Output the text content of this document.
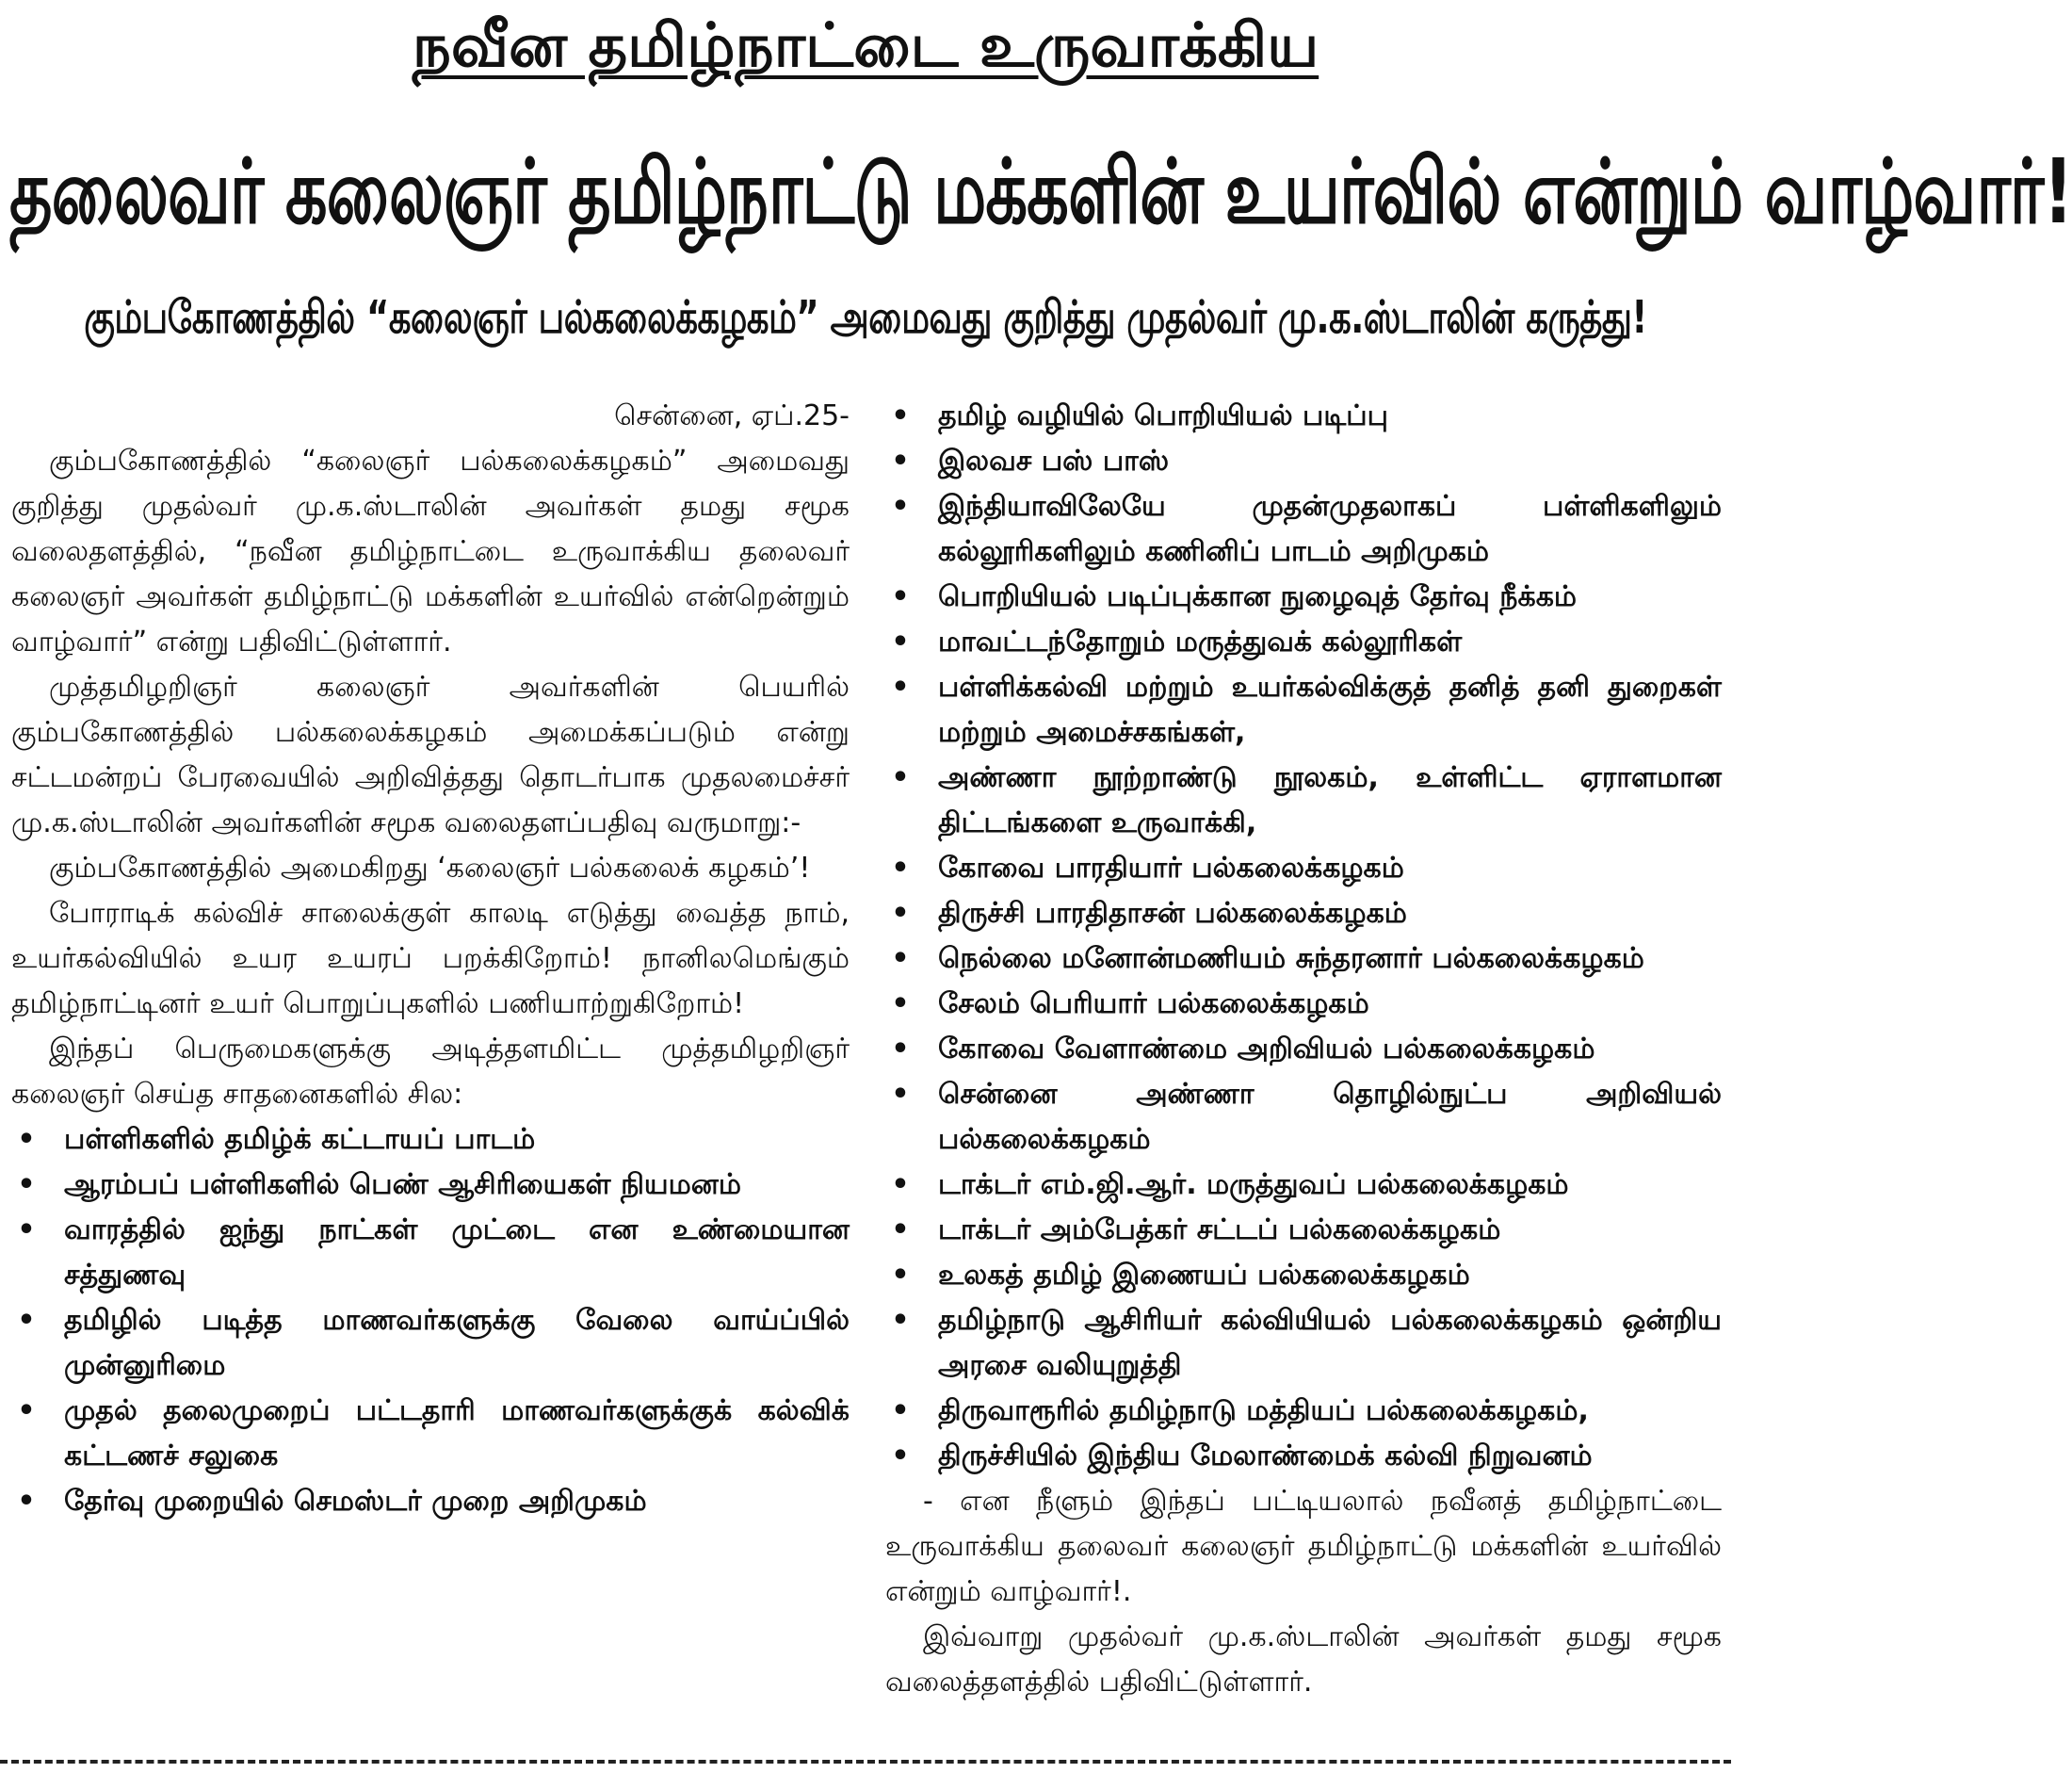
நவீன தமிழ்நாட்டை உருவாக்கிய
தலைவர் கலைஞர் தமிழ்நாட்டு மக்களின் உயர்வில் என்றும் வாழ்வார்!
கும்பகோணத்தில் “கலைஞர் பல்கலைக்கழகம்” அமைவது குறித்து முதல்வர் மு.க.ஸ்டாலின் கருத்து!

சென்னை, ஏப்.25-

கும்பகோணத்தில் “கலைஞர் பல்கலைக்கழகம்” அமைவது குறித்து முதல்வர் மு.க.ஸ்டாலின் அவர்கள் தமது சமூக வலைதளத்தில், “நவீன தமிழ்நாட்டை உருவாக்கிய தலைவர் கலைஞர் அவர்கள் தமிழ்நாட்டு மக்களின் உயர்வில் என்றென்றும் வாழ்வார்” என்று பதிவிட்டுள்ளார்.

முத்தமிழறிஞர் கலைஞர் அவர்களின் பெயரில் கும்பகோணத்தில் பல்கலைக்கழகம் அமைக்கப்படும் என்று சட்டமன்றப் பேரவையில் அறிவித்தது தொடர்பாக முதலமைச்சர் மு.க.ஸ்டாலின் அவர்களின் சமூக வலைதளப்பதிவு வருமாறு:-

கும்பகோணத்தில் அமைகிறது ‘கலைஞர் பல்கலைக் கழகம்’!

போராடிக் கல்விச் சாலைக்குள் காலடி எடுத்து வைத்த நாம், உயர்கல்வியில் உயர உயரப் பறக்கிறோம்! நானிலமெங்கும் தமிழ்நாட்டினர் உயர் பொறுப்புகளில் பணியாற்றுகிறோம்!

இந்தப் பெருமைகளுக்கு அடித்தளமிட்ட முத்தமிழறிஞர் கலைஞர் செய்த சாதனைகளில் சில:

• பள்ளிகளில் தமிழ்க் கட்டாயப் பாடம்
• ஆரம்பப் பள்ளிகளில் பெண் ஆசிரியைகள் நியமனம்
• வாரத்தில் ஐந்து நாட்கள் முட்டை என உண்மையான சத்துணவு
• தமிழில் படித்த மாணவர்களுக்கு வேலை வாய்ப்பில் முன்னுரிமை
• முதல் தலைமுறைப் பட்டதாரி மாணவர்களுக்குக் கல்விக் கட்டணச் சலுகை
• தேர்வு முறையில் செமஸ்டர் முறை அறிமுகம்
• தமிழ் வழியில் பொறியியல் படிப்பு
• இலவச பஸ் பாஸ்
• இந்தியாவிலேயே முதன்முதலாகப் பள்ளிகளிலும் கல்லூரிகளிலும் கணினிப் பாடம் அறிமுகம்
• பொறியியல் படிப்புக்கான நுழைவுத் தேர்வு நீக்கம்
• மாவட்டந்தோறும் மருத்துவக் கல்லூரிகள்
• பள்ளிக்கல்வி மற்றும் உயர்கல்விக்குத் தனித் தனி துறைகள் மற்றும் அமைச்சகங்கள்,
• அண்ணா நூற்றாண்டு நூலகம், உள்ளிட்ட ஏராளமான திட்டங்களை உருவாக்கி,
• கோவை பாரதியார் பல்கலைக்கழகம்
• திருச்சி பாரதிதாசன் பல்கலைக்கழகம்
• நெல்லை மனோன்மணியம் சுந்தரனார் பல்கலைக்கழகம்
• சேலம் பெரியார் பல்கலைக்கழகம்
• கோவை வேளாண்மை அறிவியல் பல்கலைக்கழகம்
• சென்னை அண்ணா தொழில்நுட்ப அறிவியல் பல்கலைக்கழகம்
• டாக்டர் எம்.ஜி.ஆர். மருத்துவப் பல்கலைக்கழகம்
• டாக்டர் அம்பேத்கர் சட்டப் பல்கலைக்கழகம்
• உலகத் தமிழ் இணையப் பல்கலைக்கழகம்
• தமிழ்நாடு ஆசிரியர் கல்வியியல் பல்கலைக்கழகம் ஒன்றிய அரசை வலியுறுத்தி
• திருவாரூரில் தமிழ்நாடு மத்தியப் பல்கலைக்கழகம்,
• திருச்சியில் இந்திய மேலாண்மைக் கல்வி நிறுவனம்

- என நீளும் இந்தப் பட்டியலால் நவீனத் தமிழ்நாட்டை உருவாக்கிய தலைவர் கலைஞர் தமிழ்நாட்டு மக்களின் உயர்வில் என்றும் வாழ்வார்!.

இவ்வாறு முதல்வர் மு.க.ஸ்டாலின் அவர்கள் தமது சமூக வலைத்தளத்தில் பதிவிட்டுள்ளார்.
